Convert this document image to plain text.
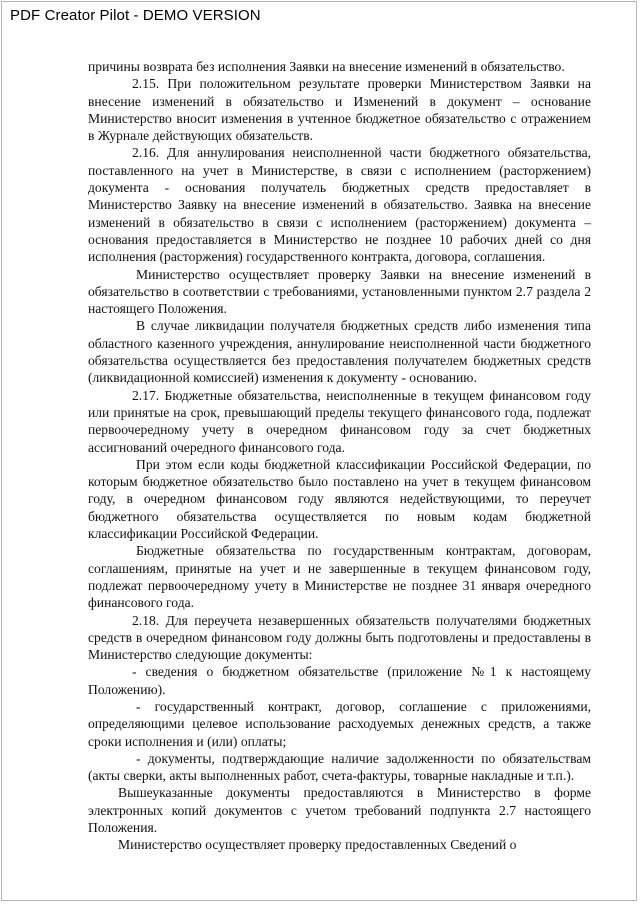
PDF Creator Pilot - DEMO VERSION

причины возврата без исполнения Заявки на внесение изменений в обязательство.

2.15. При положительном результате проверки Министерством Заявки на внесение изменений в обязательство и Изменений в документ – основание Министерство вносит изменения в учтенное бюджетное обязательство с отражением в Журнале действующих обязательств.

2.16. Для аннулирования неисполненной части бюджетного обязательства, поставленного на учет в Министерстве, в связи с исполнением (расторжением) документа - основания получатель бюджетных средств предоставляет в Министерство Заявку на внесение изменений в обязательство. Заявка на внесение изменений в обязательство в связи с исполнением (расторжением) документа – основания предоставляется в Министерство не позднее 10 рабочих дней со дня исполнения (расторжения) государственного контракта, договора, соглашения.

Министерство осуществляет проверку Заявки на внесение изменений в обязательство в соответствии с требованиями, установленными пунктом 2.7 раздела 2 настоящего Положения.

В случае ликвидации получателя бюджетных средств либо изменения типа областного казенного учреждения, аннулирование неисполненной части бюджетного обязательства осуществляется без предоставления получателем бюджетных средств (ликвидационной комиссией) изменения к документу - основанию.

2.17. Бюджетные обязательства, неисполненные в текущем финансовом году или принятые на срок, превышающий пределы текущего финансового года, подлежат первоочередному учету в очередном финансовом году за счет бюджетных ассигнований очередного финансового года.

При этом если коды бюджетной классификации Российской Федерации, по которым бюджетное обязательство было поставлено на учет в текущем финансовом году, в очередном финансовом году являются недействующими, то переучет бюджетного обязательства осуществляется по новым кодам бюджетной классификации Российской Федерации.

Бюджетные обязательства по государственным контрактам, договорам, соглашениям, принятые на учет и не завершенные в текущем финансовом году, подлежат первоочередному учету в Министерстве не позднее 31 января очередного финансового года.

2.18. Для переучета незавершенных обязательств получателями бюджетных средств в очередном финансовом году должны быть подготовлены и предоставлены в Министерство следующие документы:

- сведения о бюджетном обязательстве (приложение №1 к настоящему Положению).

- государственный контракт, договор, соглашение с приложениями, определяющими целевое использование расходуемых денежных средств, а также сроки исполнения и (или) оплаты;

- документы, подтверждающие наличие задолженности по обязательствам (акты сверки, акты выполненных работ, счета-фактуры, товарные накладные и т.п.).

Вышеуказанные документы предоставляются в Министерство в форме электронных копий документов с учетом требований подпункта 2.7 настоящего Положения.

Министерство осуществляет проверку предоставленных Сведений о
